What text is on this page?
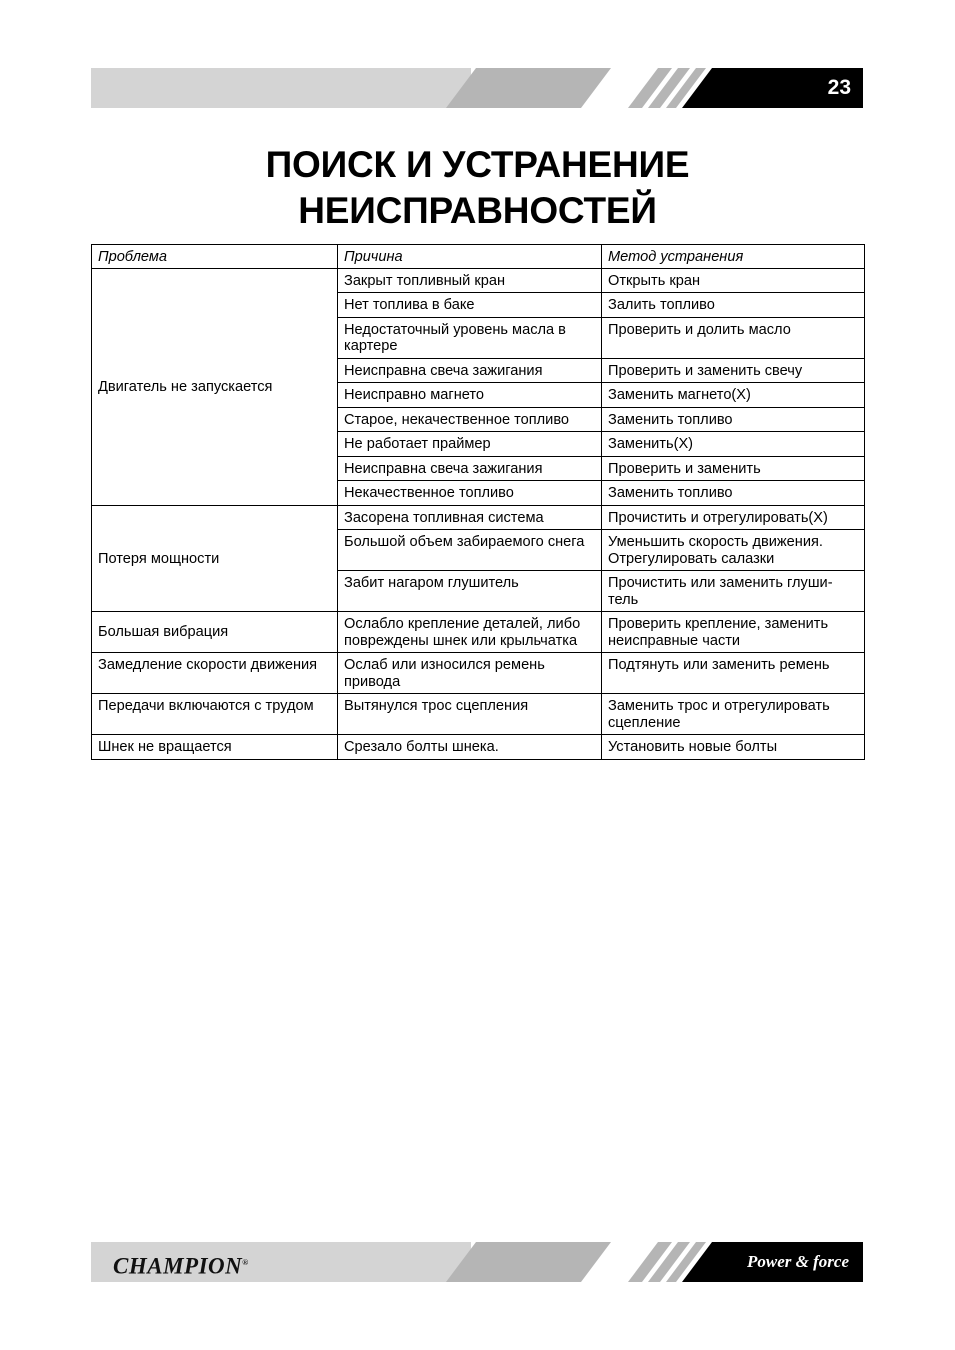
23
ПОИСК И УСТРАНЕНИЕ
НЕИСПРАВНОСТЕЙ
Проблема	Причина	Метод устранения
Двигатель не запускается	Закрыт топливный кран	Открыть кран
	Нет топлива в баке	Залить топливо
	Недостаточный уровень масла в картере	Проверить и долить масло
	Неисправна свеча зажигания	Проверить и заменить свечу
	Неисправно магнето	Заменить магнето(Х)
	Старое, некачественное топливо	Заменить топливо
	Не работает праймер	Заменить(Х)
	Неисправна свеча зажигания	Проверить и заменить
	Некачественное топливо	Заменить топливо
Потеря мощности	Засорена топливная система	Прочистить и отрегулировать(Х)
	Большой объем забираемого снега	Уменьшить скорость движения. Отрегулировать салазки
	Забит нагаром глушитель	Прочистить или заменить глуши-тель
Большая вибрация	Ослабло крепление деталей, либо повреждены шнек или крыльчатка	Проверить крепление, заменить неисправные части
Замедление скорости движения	Ослаб или износился ремень привода	Подтянуть или заменить ремень
Передачи включаются с трудом	Вытянулся трос сцепления	Заменить трос и отрегулировать сцепление
Шнек не вращается	Срезало болты шнека.	Установить новые болты
CHAMPION®	Power & force
